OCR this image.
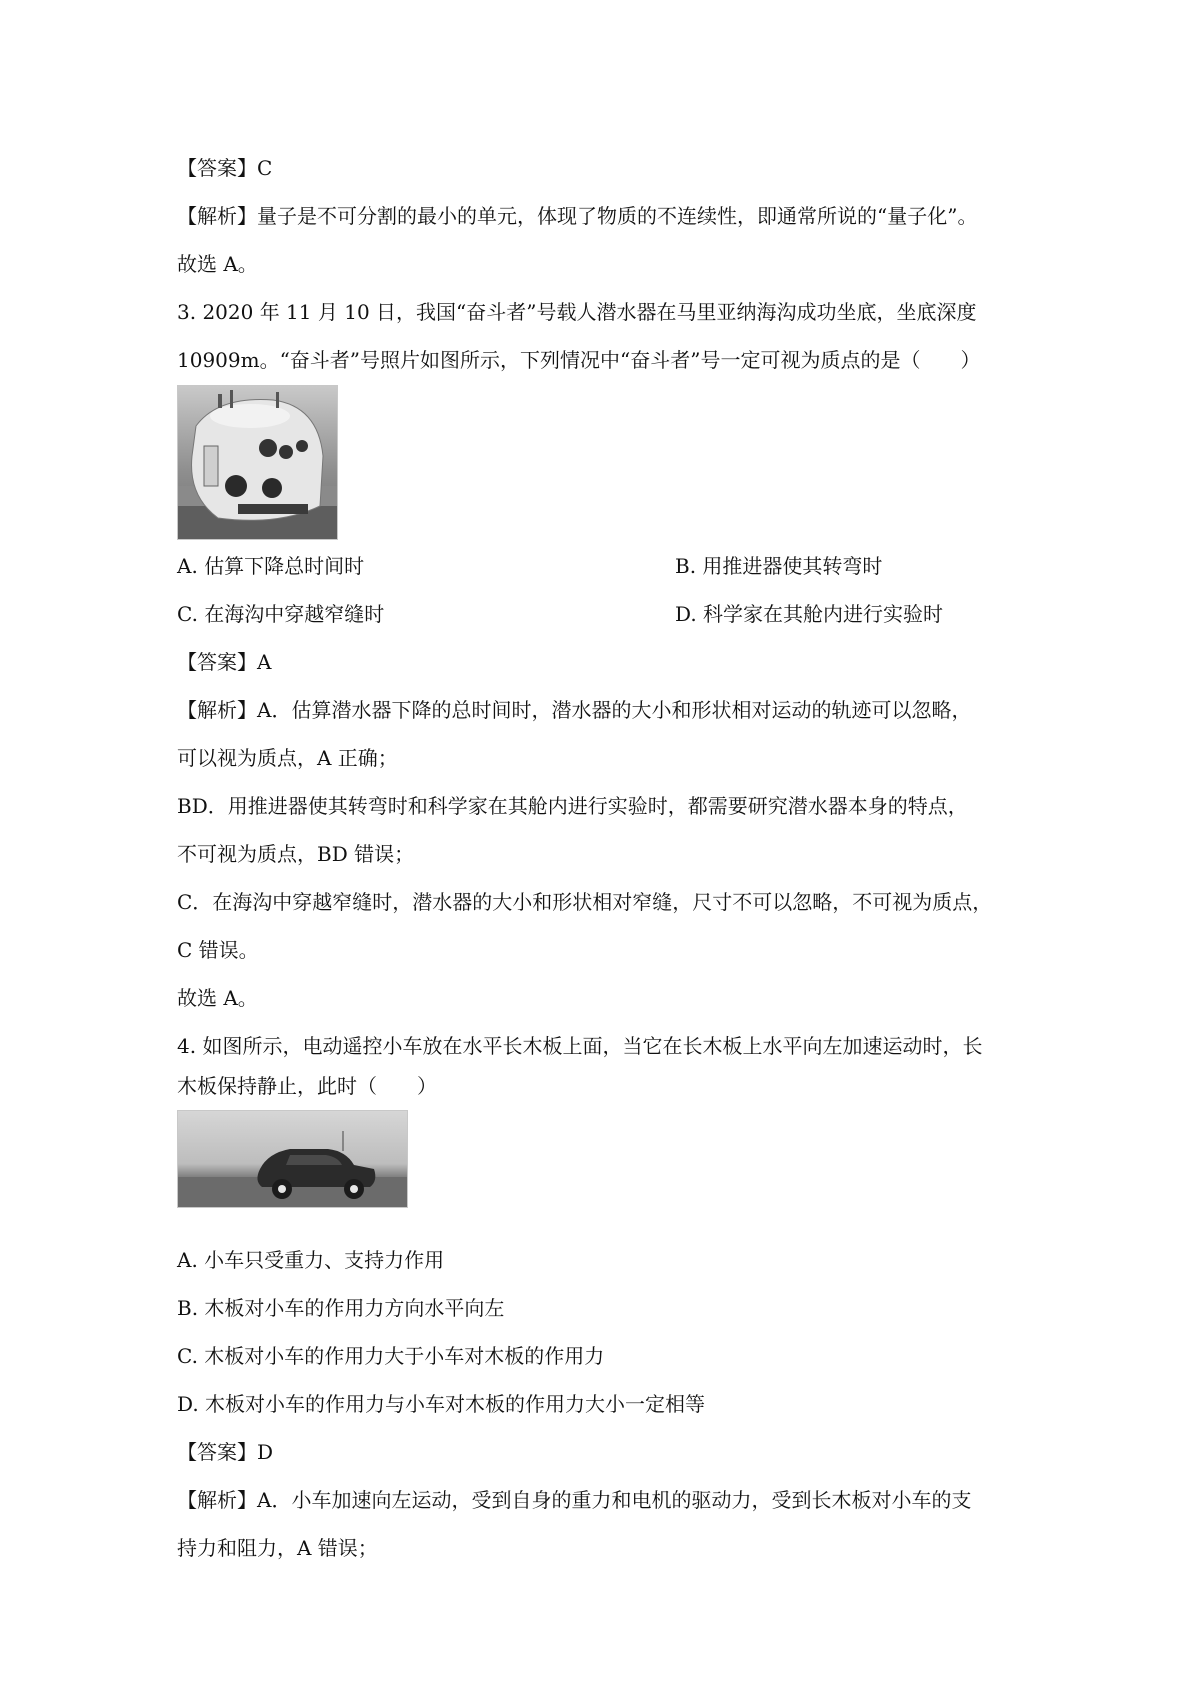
【答案】C
【解析】量子是不可分割的最小的单元，体现了物质的不连续性，即通常所说的“量子化”。
故选 A。
3. 2020 年 11 月 10 日，我国“奋斗者”号载人潜水器在马里亚纳海沟成功坐底，坐底深度
10909m。“奋斗者”号照片如图所示，下列情况中“奋斗者”号一定可视为质点的是（　　）
A. 估算下降总时间时	B. 用推进器使其转弯时
C. 在海沟中穿越窄缝时	D. 科学家在其舱内进行实验时
【答案】A
【解析】A．估算潜水器下降的总时间时，潜水器的大小和形状相对运动的轨迹可以忽略，
可以视为质点，A 正确；
BD．用推进器使其转弯时和科学家在其舱内进行实验时，都需要研究潜水器本身的特点，
不可视为质点，BD 错误；
C．在海沟中穿越窄缝时，潜水器的大小和形状相对窄缝，尺寸不可以忽略，不可视为质点，
C 错误。
故选 A。
4. 如图所示，电动遥控小车放在水平长木板上面，当它在长木板上水平向左加速运动时，长
木板保持静止，此时（　　）
A. 小车只受重力、支持力作用
B. 木板对小车的作用力方向水平向左
C. 木板对小车的作用力大于小车对木板的作用力
D. 木板对小车的作用力与小车对木板的作用力大小一定相等
【答案】D
【解析】A．小车加速向左运动，受到自身的重力和电机的驱动力，受到长木板对小车的支
持力和阻力，A 错误；
